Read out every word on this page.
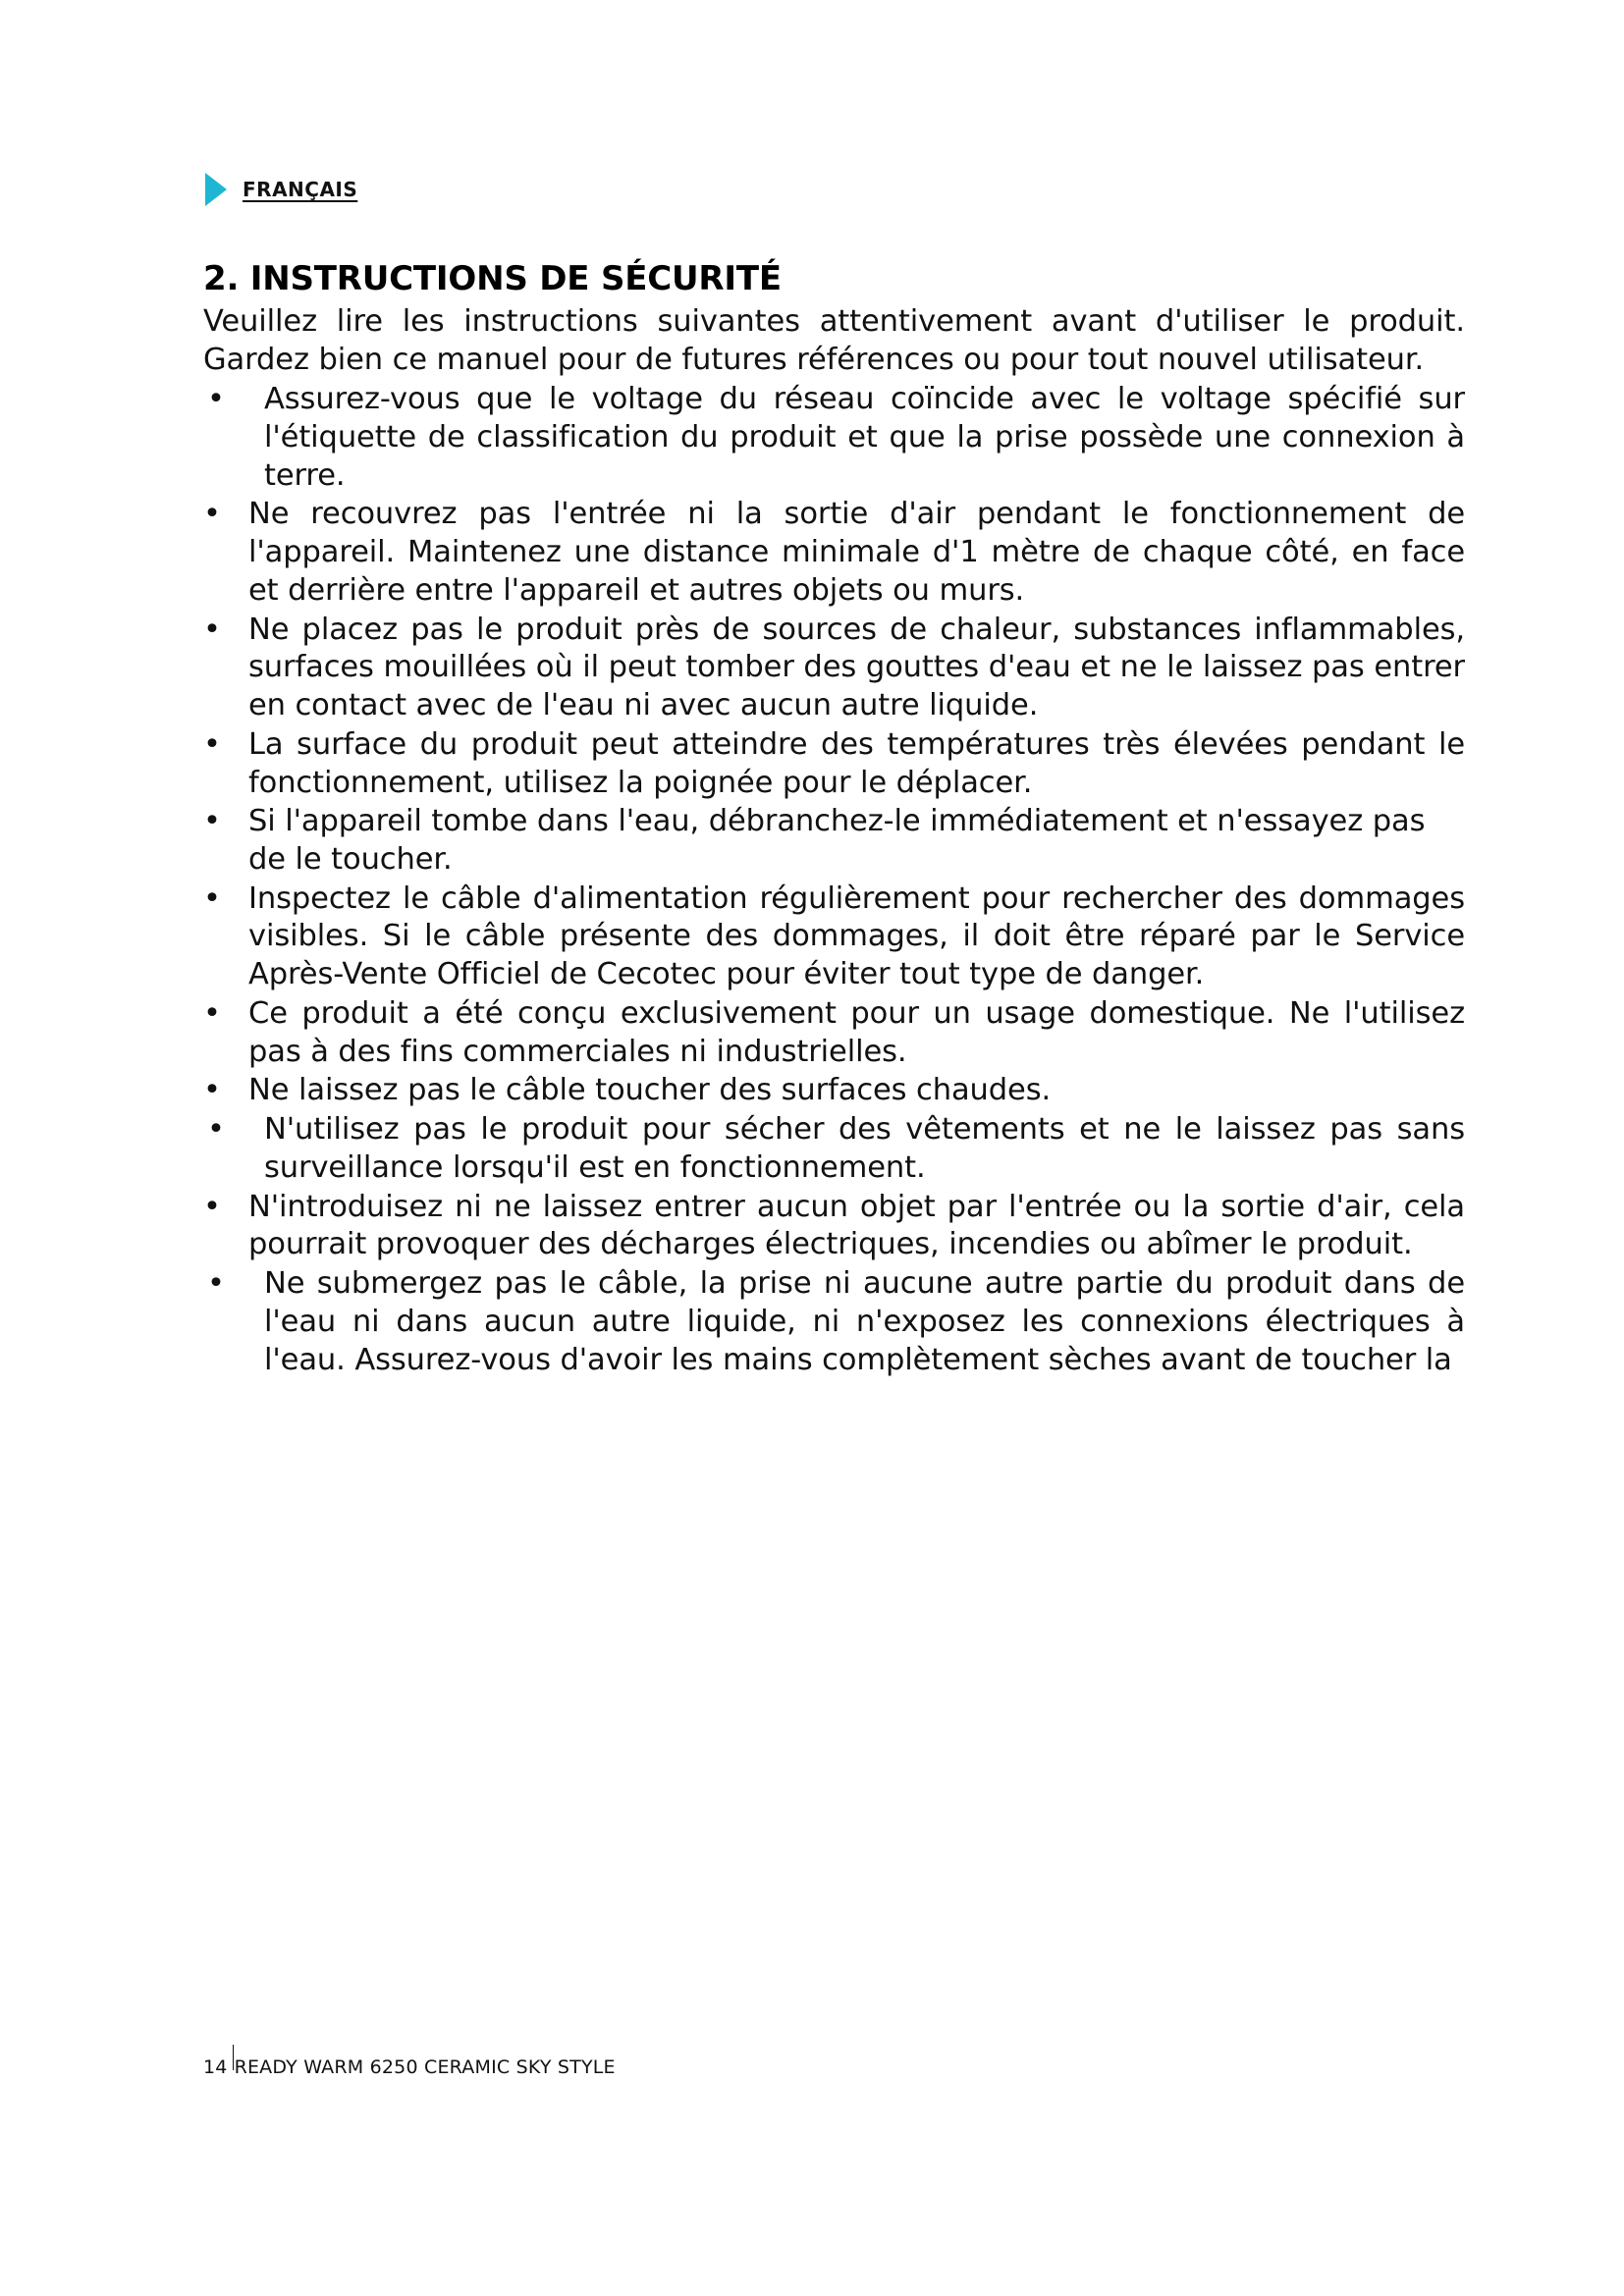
FRANÇAIS
2. INSTRUCTIONS DE SÉCURITÉ

Veuillez lire les instructions suivantes attentivement avant d'utiliser le produit. Gardez bien ce manuel pour de futures références ou pour tout nouvel utilisateur.

•	Assurez-vous que le voltage du réseau coïncide avec le voltage spécifié sur l'étiquette de classification du produit et que la prise possède une connexion à terre.
• Ne recouvrez pas l'entrée ni la sortie d'air pendant le fonctionnement de l'appareil. Maintenez une distance minimale d'1 mètre de chaque côté, en face et derrière entre l'appareil et autres objets ou murs.
• Ne placez pas le produit près de sources de chaleur, substances inflammables, surfaces mouillées où il peut tomber des gouttes d'eau et ne le laissez pas entrer en contact avec de l'eau ni avec aucun autre liquide.
• La surface du produit peut atteindre des températures très élevées pendant le fonctionnement, utilisez la poignée pour le déplacer.
• Si l'appareil tombe dans l'eau, débranchez-le immédiatement et n'essayez pas de le toucher.
• Inspectez le câble d'alimentation régulièrement pour rechercher des dommages visibles. Si le câble présente des dommages, il doit être réparé par le Service Après-Vente Officiel de Cecotec pour éviter tout type de danger.
• Ce produit a été conçu exclusivement pour un usage domestique. Ne l'utilisez pas à des fins commerciales ni industrielles.
• Ne laissez pas le câble toucher des surfaces chaudes.
•	N'utilisez pas le produit pour sécher des vêtements et ne le laissez pas sans surveillance lorsqu'il est en fonctionnement.
• N'introduisez ni ne laissez entrer aucun objet par l'entrée ou la sortie d'air, cela pourrait provoquer des décharges électriques, incendies ou abîmer le produit.
•	Ne submergez pas le câble, la prise ni aucune autre partie du produit dans de l'eau ni dans aucun autre liquide, ni n'exposez les connexions électriques à l'eau. Assurez-vous d'avoir les mains complètement sèches avant de toucher la
14 READY WARM 6250 CERAMIC SKY STYLE
